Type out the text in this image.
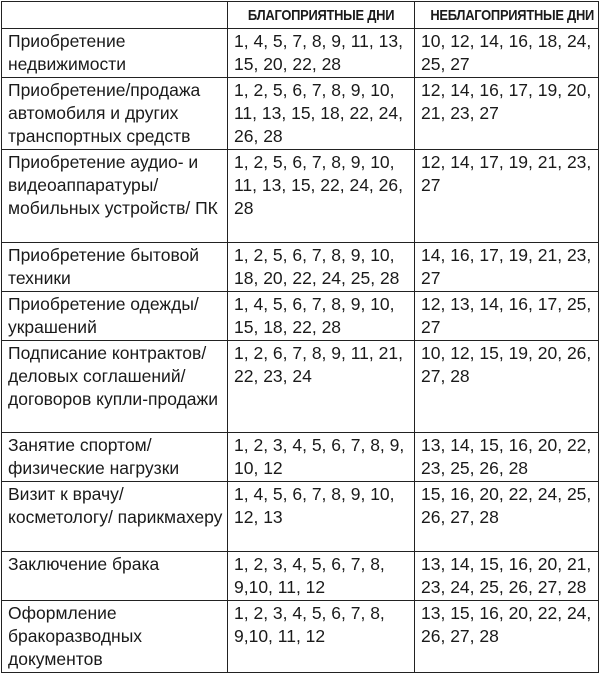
	БЛАГОПРИЯТНЫЕ ДНИ	НЕБЛАГОПРИЯТНЫЕ ДНИ

Приобретение недвижимости	1, 4, 5, 7, 8, 9, 11, 13, 15, 20, 22, 28	10, 12, 14, 16, 18, 24, 25, 27

Приобретение/продажа автомобиля и других транспортных средств	1, 2, 5, 6, 7, 8, 9, 10, 11, 13, 15, 18, 22, 24, 26, 28	12, 14, 16, 17, 19, 20, 21, 23, 27

Приобретение аудио- и видеоаппаратуры/ мобильных устройств/ ПК	1, 2, 5, 6, 7, 8, 9, 10, 11, 13, 15, 22, 24, 26, 28	12, 14, 17, 19, 21, 23, 27

Приобретение бытовой техники	1, 2, 5, 6, 7, 8, 9, 10, 18, 20, 22, 24, 25, 28	14, 16, 17, 19, 21, 23, 27

Приобретение одежды/ украшений	1, 4, 5, 6, 7, 8, 9, 10, 15, 18, 22, 28	12, 13, 14, 16, 17, 25, 27

Подписание контрактов/ деловых соглашений/ договоров купли-продажи	1, 2, 6, 7, 8, 9, 11, 21, 22, 23, 24	10, 12, 15, 19, 20, 26, 27, 28

Занятие спортом/ физические нагрузки	1, 2, 3, 4, 5, 6, 7, 8, 9, 10, 12	13, 14, 15, 16, 20, 22, 23, 25, 26, 28

Визит к врачу/ косметологу/ парикмахеру	1, 4, 5, 6, 7, 8, 9, 10, 12, 13	15, 16, 20, 22, 24, 25, 26, 27, 28

Заключение брака	1, 2, 3, 4, 5, 6, 7, 8, 9,10, 11, 12	13, 14, 15, 16, 20, 21, 23, 24, 25, 26, 27, 28

Оформление бракоразводных документов	1, 2, 3, 4, 5, 6, 7, 8, 9,10, 11, 12	13, 15, 16, 20, 22, 24, 26, 27, 28
